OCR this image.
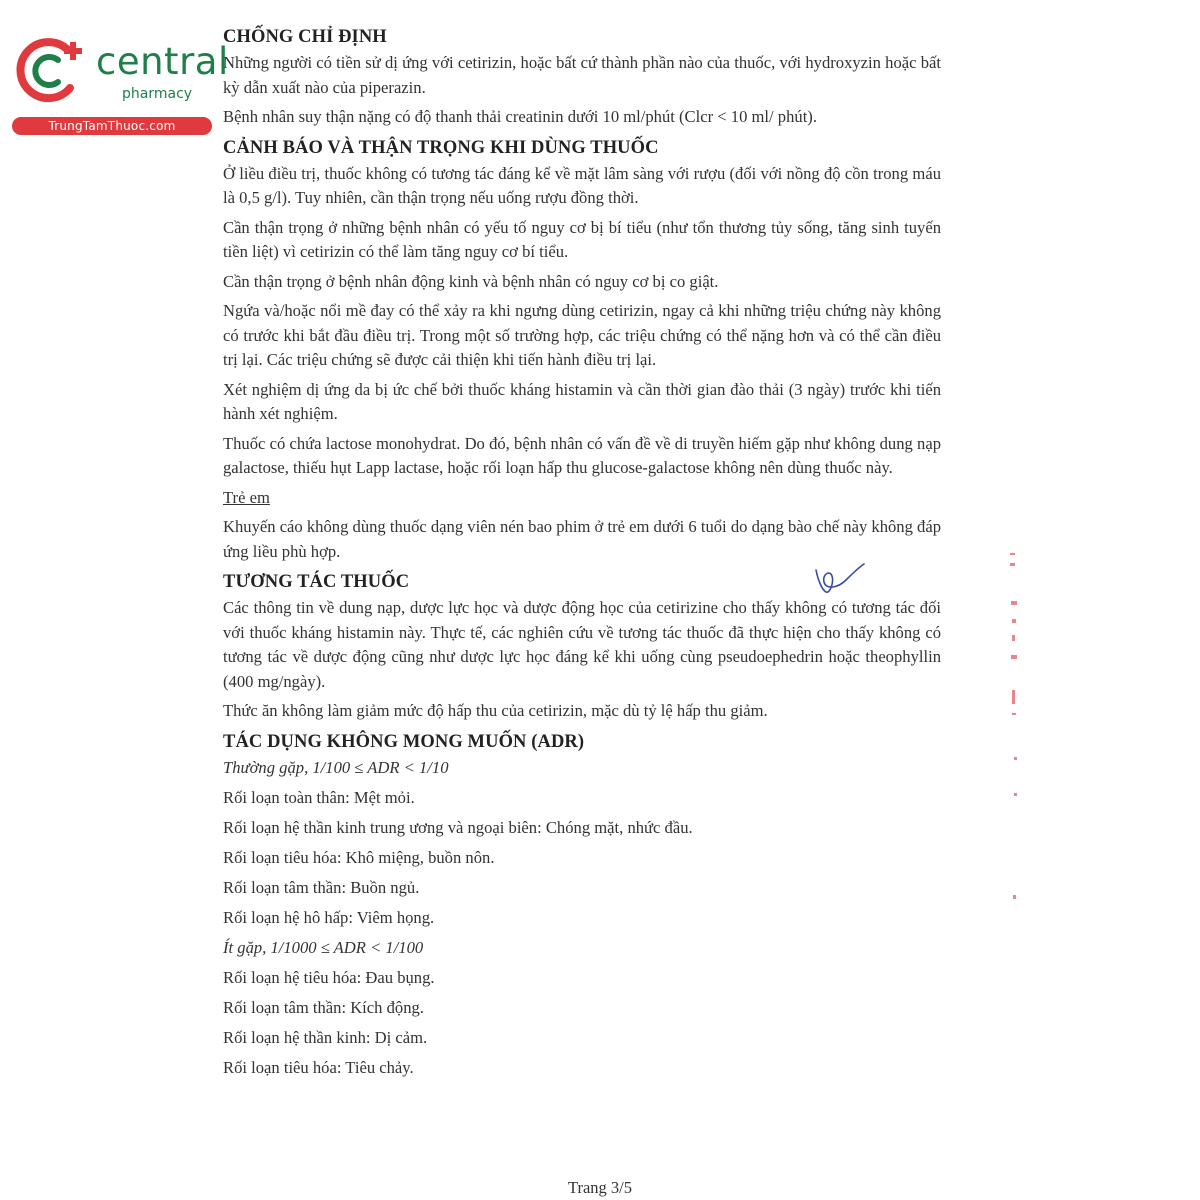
central
pharmacy
TrungTamThuoc.com
CHỐNG CHỈ ĐỊNH

Những người có tiền sử dị ứng với cetirizin, hoặc bất cứ thành phần nào của thuốc, với hydroxyzin hoặc bất kỳ dẫn xuất nào của piperazin.

Bệnh nhân suy thận nặng có độ thanh thải creatinin dưới 10 ml/phút (Clcr < 10 ml/ phút).

CẢNH BÁO VÀ THẬN TRỌNG KHI DÙNG THUỐC

Ở liều điều trị, thuốc không có tương tác đáng kể về mặt lâm sàng với rượu (đối với nồng độ cồn trong máu là 0,5 g/l). Tuy nhiên, cần thận trọng nếu uống rượu đồng thời.

Cần thận trọng ở những bệnh nhân có yếu tố nguy cơ bị bí tiểu (như tổn thương tủy sống, tăng sinh tuyến tiền liệt) vì cetirizin có thể làm tăng nguy cơ bí tiểu.

Cần thận trọng ở bệnh nhân động kinh và bệnh nhân có nguy cơ bị co giật.

Ngứa và/hoặc nổi mề đay có thể xảy ra khi ngưng dùng cetirizin, ngay cả khi những triệu chứng này không có trước khi bắt đầu điều trị. Trong một số trường hợp, các triệu chứng có thể nặng hơn và có thể cần điều trị lại. Các triệu chứng sẽ được cải thiện khi tiến hành điều trị lại.

Xét nghiệm dị ứng da bị ức chế bởi thuốc kháng histamin và cần thời gian đào thải (3 ngày) trước khi tiến hành xét nghiệm.

Thuốc có chứa lactose monohydrat. Do đó, bệnh nhân có vấn đề về di truyền hiếm gặp như không dung nạp galactose, thiếu hụt Lapp lactase, hoặc rối loạn hấp thu glucose-galactose không nên dùng thuốc này.

Trẻ em

Khuyến cáo không dùng thuốc dạng viên nén bao phim ở trẻ em dưới 6 tuổi do dạng bào chế này không đáp ứng liều phù hợp.

TƯƠNG TÁC THUỐC

Các thông tin về dung nạp, dược lực học và dược động học của cetirizine cho thấy không có tương tác đối với thuốc kháng histamin này. Thực tế, các nghiên cứu về tương tác thuốc đã thực hiện cho thấy không có tương tác về dược động cũng như dược lực học đáng kể khi uống cùng pseudoephedrin hoặc theophyllin (400 mg/ngày).

Thức ăn không làm giảm mức độ hấp thu của cetirizin, mặc dù tỷ lệ hấp thu giảm.

TÁC DỤNG KHÔNG MONG MUỐN (ADR)

Thường gặp, 1/100 ≤ ADR < 1/10

Rối loạn toàn thân: Mệt mỏi.

Rối loạn hệ thần kinh trung ương và ngoại biên: Chóng mặt, nhức đầu.

Rối loạn tiêu hóa: Khô miệng, buồn nôn.

Rối loạn tâm thần: Buồn ngủ.

Rối loạn hệ hô hấp: Viêm họng.

Ít gặp, 1/1000 ≤ ADR < 1/100

Rối loạn hệ tiêu hóa: Đau bụng.

Rối loạn tâm thần: Kích động.

Rối loạn hệ thần kinh: Dị cảm.

Rối loạn tiêu hóa: Tiêu chảy.

Trang 3/5
